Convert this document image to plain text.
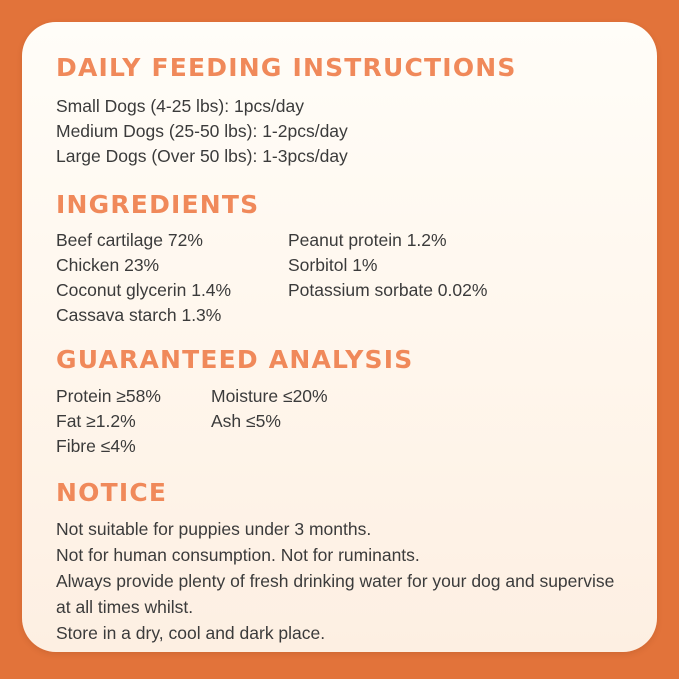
DAILY FEEDING INSTRUCTIONS
Small Dogs (4-25 lbs): 1pcs/day
Medium Dogs (25-50 lbs): 1-2pcs/day
Large Dogs (Over 50 lbs): 1-3pcs/day
INGREDIENTS
Beef cartilage 72%
Chicken 23%
Coconut glycerin 1.4%
Cassava starch 1.3%
Peanut protein 1.2%
Sorbitol 1%
Potassium sorbate 0.02%
GUARANTEED ANALYSIS
Protein ≥58%
Fat ≥1.2%
Fibre ≤4%
Moisture ≤20%
Ash ≤5%
NOTICE
Not suitable for puppies under 3 months.
Not for human consumption. Not for ruminants.
Always provide plenty of fresh drinking water for your dog and supervise at all times whilst.
Store in a dry, cool and dark place.
